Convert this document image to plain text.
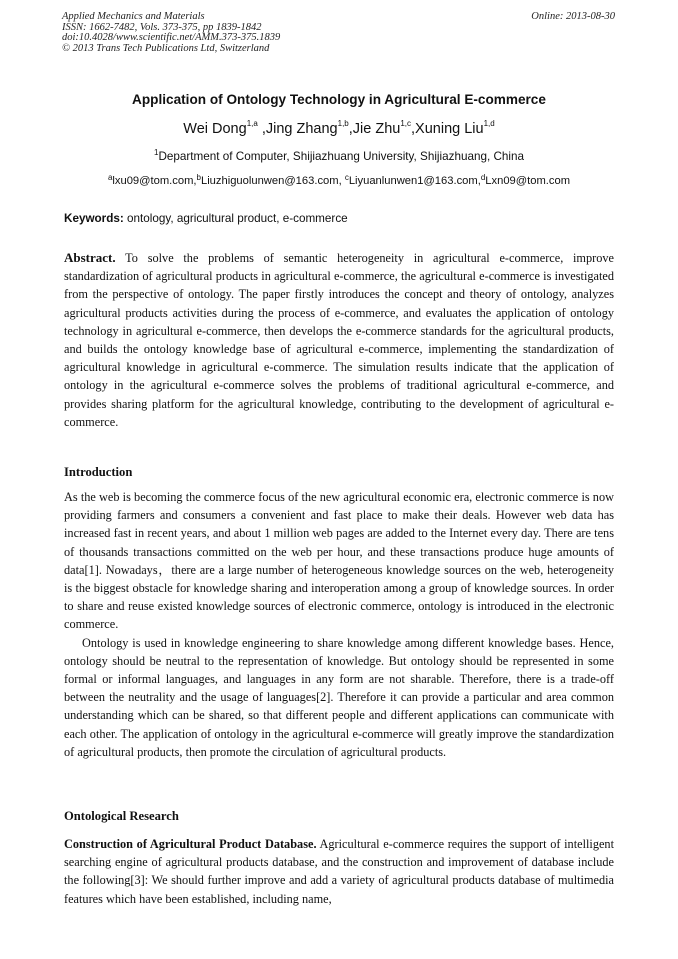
Applied Mechanics and Materials
ISSN: 1662-7482, Vols. 373-375, pp 1839-1842
doi:10.4028/www.scientific.net/AMM.373-375.1839
© 2013 Trans Tech Publications Ltd, Switzerland
Online: 2013-08-30
Application of Ontology Technology in Agricultural E-commerce
Wei Dong$^{1,a}$ ,Jing Zhang$^{1,b}$,Jie Zhu$^{1,c}$,Xuning Liu$^{1,d}$
$^1$Department of Computer, Shijiazhuang University, Shijiazhuang, China
$^a$lxu09@tom.com,$^b$Liuzhiguolunwen@163.com, $^c$Liyuanlunwen1@163.com,$^d$Lxn09@tom.com
Keywords: ontology, agricultural product, e-commerce

Abstract. To solve the problems of semantic heterogeneity in agricultural e-commerce, improve standardization of agricultural products in agricultural e-commerce, the agricultural e-commerce is investigated from the perspective of ontology. The paper firstly introduces the concept and theory of ontology, analyzes agricultural products activities during the process of e-commerce, and evaluates the application of ontology technology in agricultural e-commerce, then develops the e-commerce standards for the agricultural products, and builds the ontology knowledge base of agricultural e-commerce, implementing the standardization of agricultural knowledge in agricultural e-commerce. The simulation results indicate that the application of ontology in the agricultural e-commerce solves the problems of traditional agricultural e-commerce, and provides sharing platform for the agricultural knowledge, contributing to the development of agricultural e-commerce.

Introduction

As the web is becoming the commerce focus of the new agricultural economic era, electronic commerce is now providing farmers and consumers a convenient and fast place to make their deals. However web data has increased fast in recent years, and about 1 million web pages are added to the Internet every day. There are tens of thousands transactions committed on the web per hour, and these transactions produce huge amounts of data[1]. Nowadays，there are a large number of heterogeneous knowledge sources on the web, heterogeneity is the biggest obstacle for knowledge sharing and interoperation among a group of knowledge sources. In order to share and reuse existed knowledge sources of electronic commerce, ontology is introduced in the electronic commerce.

Ontology is used in knowledge engineering to share knowledge among different knowledge bases. Hence, ontology should be neutral to the representation of knowledge. But ontology should be represented in some formal or informal languages, and languages in any form are not sharable. Therefore, there is a trade-off between the neutrality and the usage of languages[2]. Therefore it can provide a particular and area common understanding which can be shared, so that different people and different applications can communicate with each other. The application of ontology in the agricultural e-commerce will greatly improve the standardization of agricultural products, then promote the circulation of agricultural products.

Ontological Research

Construction of Agricultural Product Database. Agricultural e-commerce requires the support of intelligent searching engine of agricultural products database, and the construction and improvement of database include the following[3]: We should further improve and add a variety of agricultural products database of multimedia features which have been established, including name,
